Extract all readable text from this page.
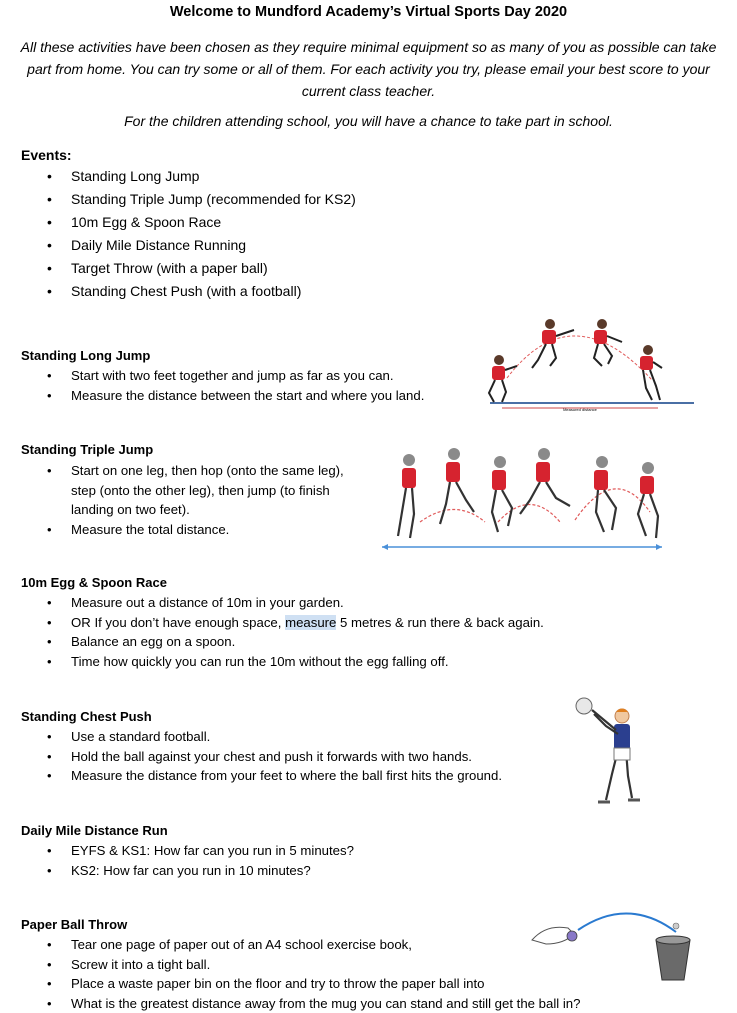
Welcome to Mundford Academy’s Virtual Sports Day 2020

All these activities have been chosen as they require minimal equipment so as many of you as possible can take part from home. You can try some or all of them. For each activity you try, please email your best score to your current class teacher.

For the children attending school, you will have a chance to take part in school.
Events:
• Standing Long Jump
• Standing Triple Jump (recommended for KS2)
• 10m Egg & Spoon Race
• Daily Mile Distance Running
• Target Throw (with a paper ball)
• Standing Chest Push (with a football)
Standing Long Jump
• Start with two feet together and jump as far as you can.
• Measure the distance between the start and where you land.
Measured distance
Standing Triple Jump
• Start on one leg, then hop (onto the same leg),
step (onto the other leg), then jump (to finish
landing on two feet).
• Measure the total distance.
10m Egg & Spoon Race
• Measure out a distance of 10m in your garden.
• OR If you don’t have enough space, measure 5 metres & run there & back again.
• Balance an egg on a spoon.
• Time how quickly you can run the 10m without the egg falling off.
Standing Chest Push
• Use a standard football.
• Hold the ball against your chest and push it forwards with two hands.
• Measure the distance from your feet to where the ball first hits the ground.
Daily Mile Distance Run
• EYFS & KS1: How far can you run in 5 minutes?
• KS2: How far can you run in 10 minutes?
Paper Ball Throw
• Tear one page of paper out of an A4 school exercise book,
• Screw it into a tight ball.
• Place a waste paper bin on the floor and try to throw the paper ball into
• What is the greatest distance away from the mug you can stand and still get the ball in?
